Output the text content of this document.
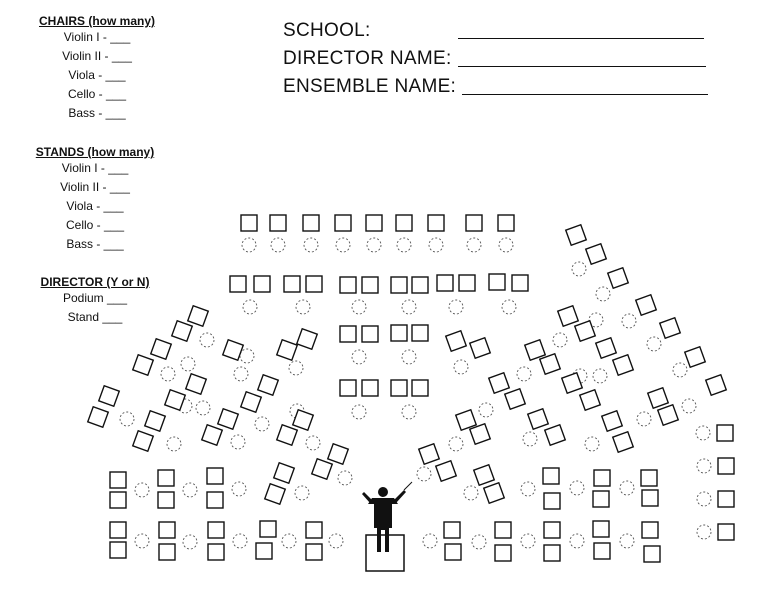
CHAIRS (how many)
Violin I - ___
Violin II - ___
Viola - ___
Cello - ___
Bass - ___
STANDS (how many)
Violin I - ___
Violin II - ___
Viola - ___
Cello - ___
Bass - ___
DIRECTOR (Y or N)
Podium ___
Stand ___
SCHOOL:
DIRECTOR NAME:
ENSEMBLE NAME:
